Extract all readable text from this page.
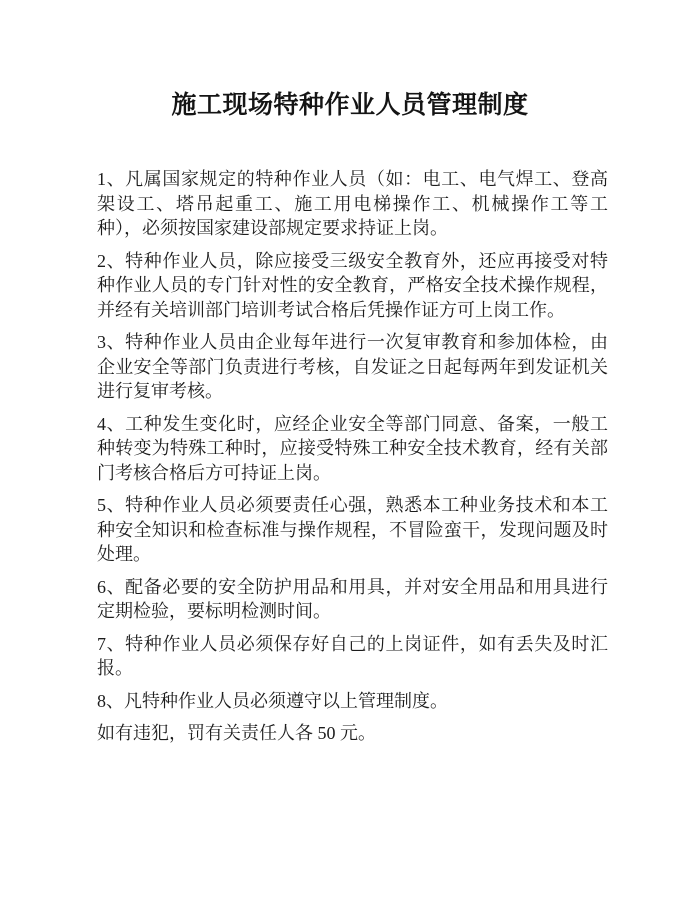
施工现场特种作业人员管理制度

1、凡属国家规定的特种作业人员（如：电工、电气焊工、登高架设工、塔吊起重工、施工用电梯操作工、机械操作工等工种），必须按国家建设部规定要求持证上岗。

2、特种作业人员，除应接受三级安全教育外，还应再接受对特种作业人员的专门针对性的安全教育，严格安全技术操作规程，并经有关培训部门培训考试合格后凭操作证方可上岗工作。

3、特种作业人员由企业每年进行一次复审教育和参加体检，由企业安全等部门负责进行考核，自发证之日起每两年到发证机关进行复审考核。

4、工种发生变化时，应经企业安全等部门同意、备案，一般工种转变为特殊工种时，应接受特殊工种安全技术教育，经有关部门考核合格后方可持证上岗。

5、特种作业人员必须要责任心强，熟悉本工种业务技术和本工种安全知识和检查标准与操作规程，不冒险蛮干，发现问题及时处理。

6、配备必要的安全防护用品和用具，并对安全用品和用具进行定期检验，要标明检测时间。

7、特种作业人员必须保存好自己的上岗证件，如有丢失及时汇报。

8、凡特种作业人员必须遵守以上管理制度。

如有违犯，罚有关责任人各 50 元。
